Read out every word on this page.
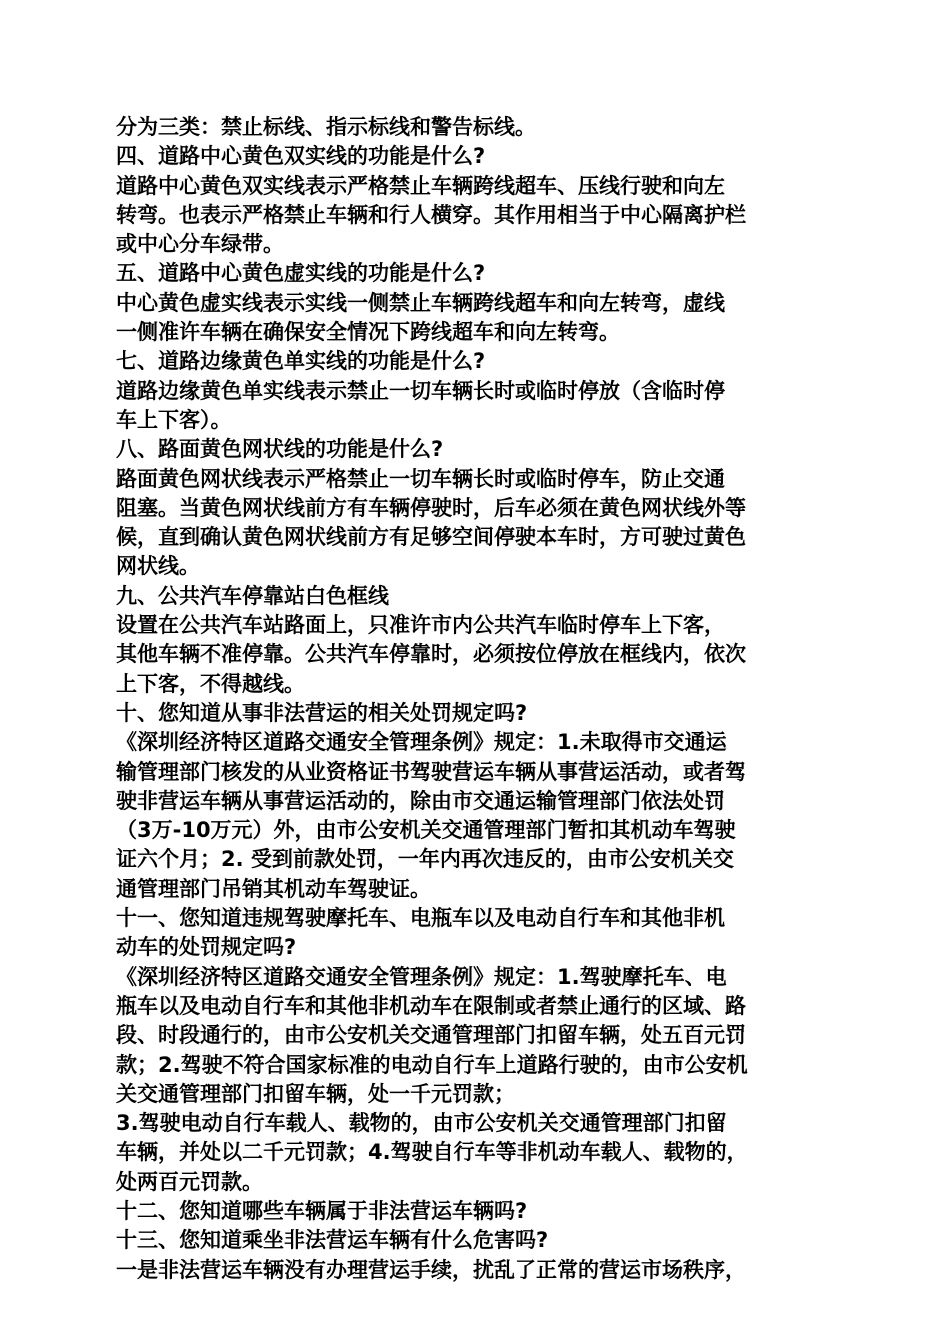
分为三类：禁止标线、指示标线和警告标线。
四、道路中心黄色双实线的功能是什么?
道路中心黄色双实线表示严格禁止车辆跨线超车、压线行驶和向左
转弯。也表示严格禁止车辆和行人横穿。其作用相当于中心隔离护栏
或中心分车绿带。
五、道路中心黄色虚实线的功能是什么?
中心黄色虚实线表示实线一侧禁止车辆跨线超车和向左转弯，虚线
一侧准许车辆在确保安全情况下跨线超车和向左转弯。
七、道路边缘黄色单实线的功能是什么?
道路边缘黄色单实线表示禁止一切车辆长时或临时停放（含临时停
车上下客）。
八、路面黄色网状线的功能是什么?
路面黄色网状线表示严格禁止一切车辆长时或临时停车，防止交通
阻塞。当黄色网状线前方有车辆停驶时，后车必须在黄色网状线外等
候，直到确认黄色网状线前方有足够空间停驶本车时，方可驶过黄色
网状线。
九、公共汽车停靠站白色框线
设置在公共汽车站路面上，只准许市内公共汽车临时停车上下客，
其他车辆不准停靠。公共汽车停靠时，必须按位停放在框线内，依次
上下客，不得越线。
十、您知道从事非法营运的相关处罚规定吗?
《深圳经济特区道路交通安全管理条例》规定：1.未取得市交通运
输管理部门核发的从业资格证书驾驶营运车辆从事营运活动，或者驾
驶非营运车辆从事营运活动的，除由市交通运输管理部门依法处罚
（3万-10万元）外，由市公安机关交通管理部门暂扣其机动车驾驶
证六个月；2. 受到前款处罚，一年内再次违反的，由市公安机关交
通管理部门吊销其机动车驾驶证。
十一、您知道违规驾驶摩托车、电瓶车以及电动自行车和其他非机
动车的处罚规定吗?
《深圳经济特区道路交通安全管理条例》规定：1.驾驶摩托车、电
瓶车以及电动自行车和其他非机动车在限制或者禁止通行的区域、路
段、时段通行的，由市公安机关交通管理部门扣留车辆，处五百元罚
款；2.驾驶不符合国家标准的电动自行车上道路行驶的，由市公安机
关交通管理部门扣留车辆，处一千元罚款；
3.驾驶电动自行车载人、载物的，由市公安机关交通管理部门扣留
车辆，并处以二千元罚款；4.驾驶自行车等非机动车载人、载物的，
处两百元罚款。
十二、您知道哪些车辆属于非法营运车辆吗?
十三、您知道乘坐非法营运车辆有什么危害吗?
一是非法营运车辆没有办理营运手续，扰乱了正常的营运市场秩序，
